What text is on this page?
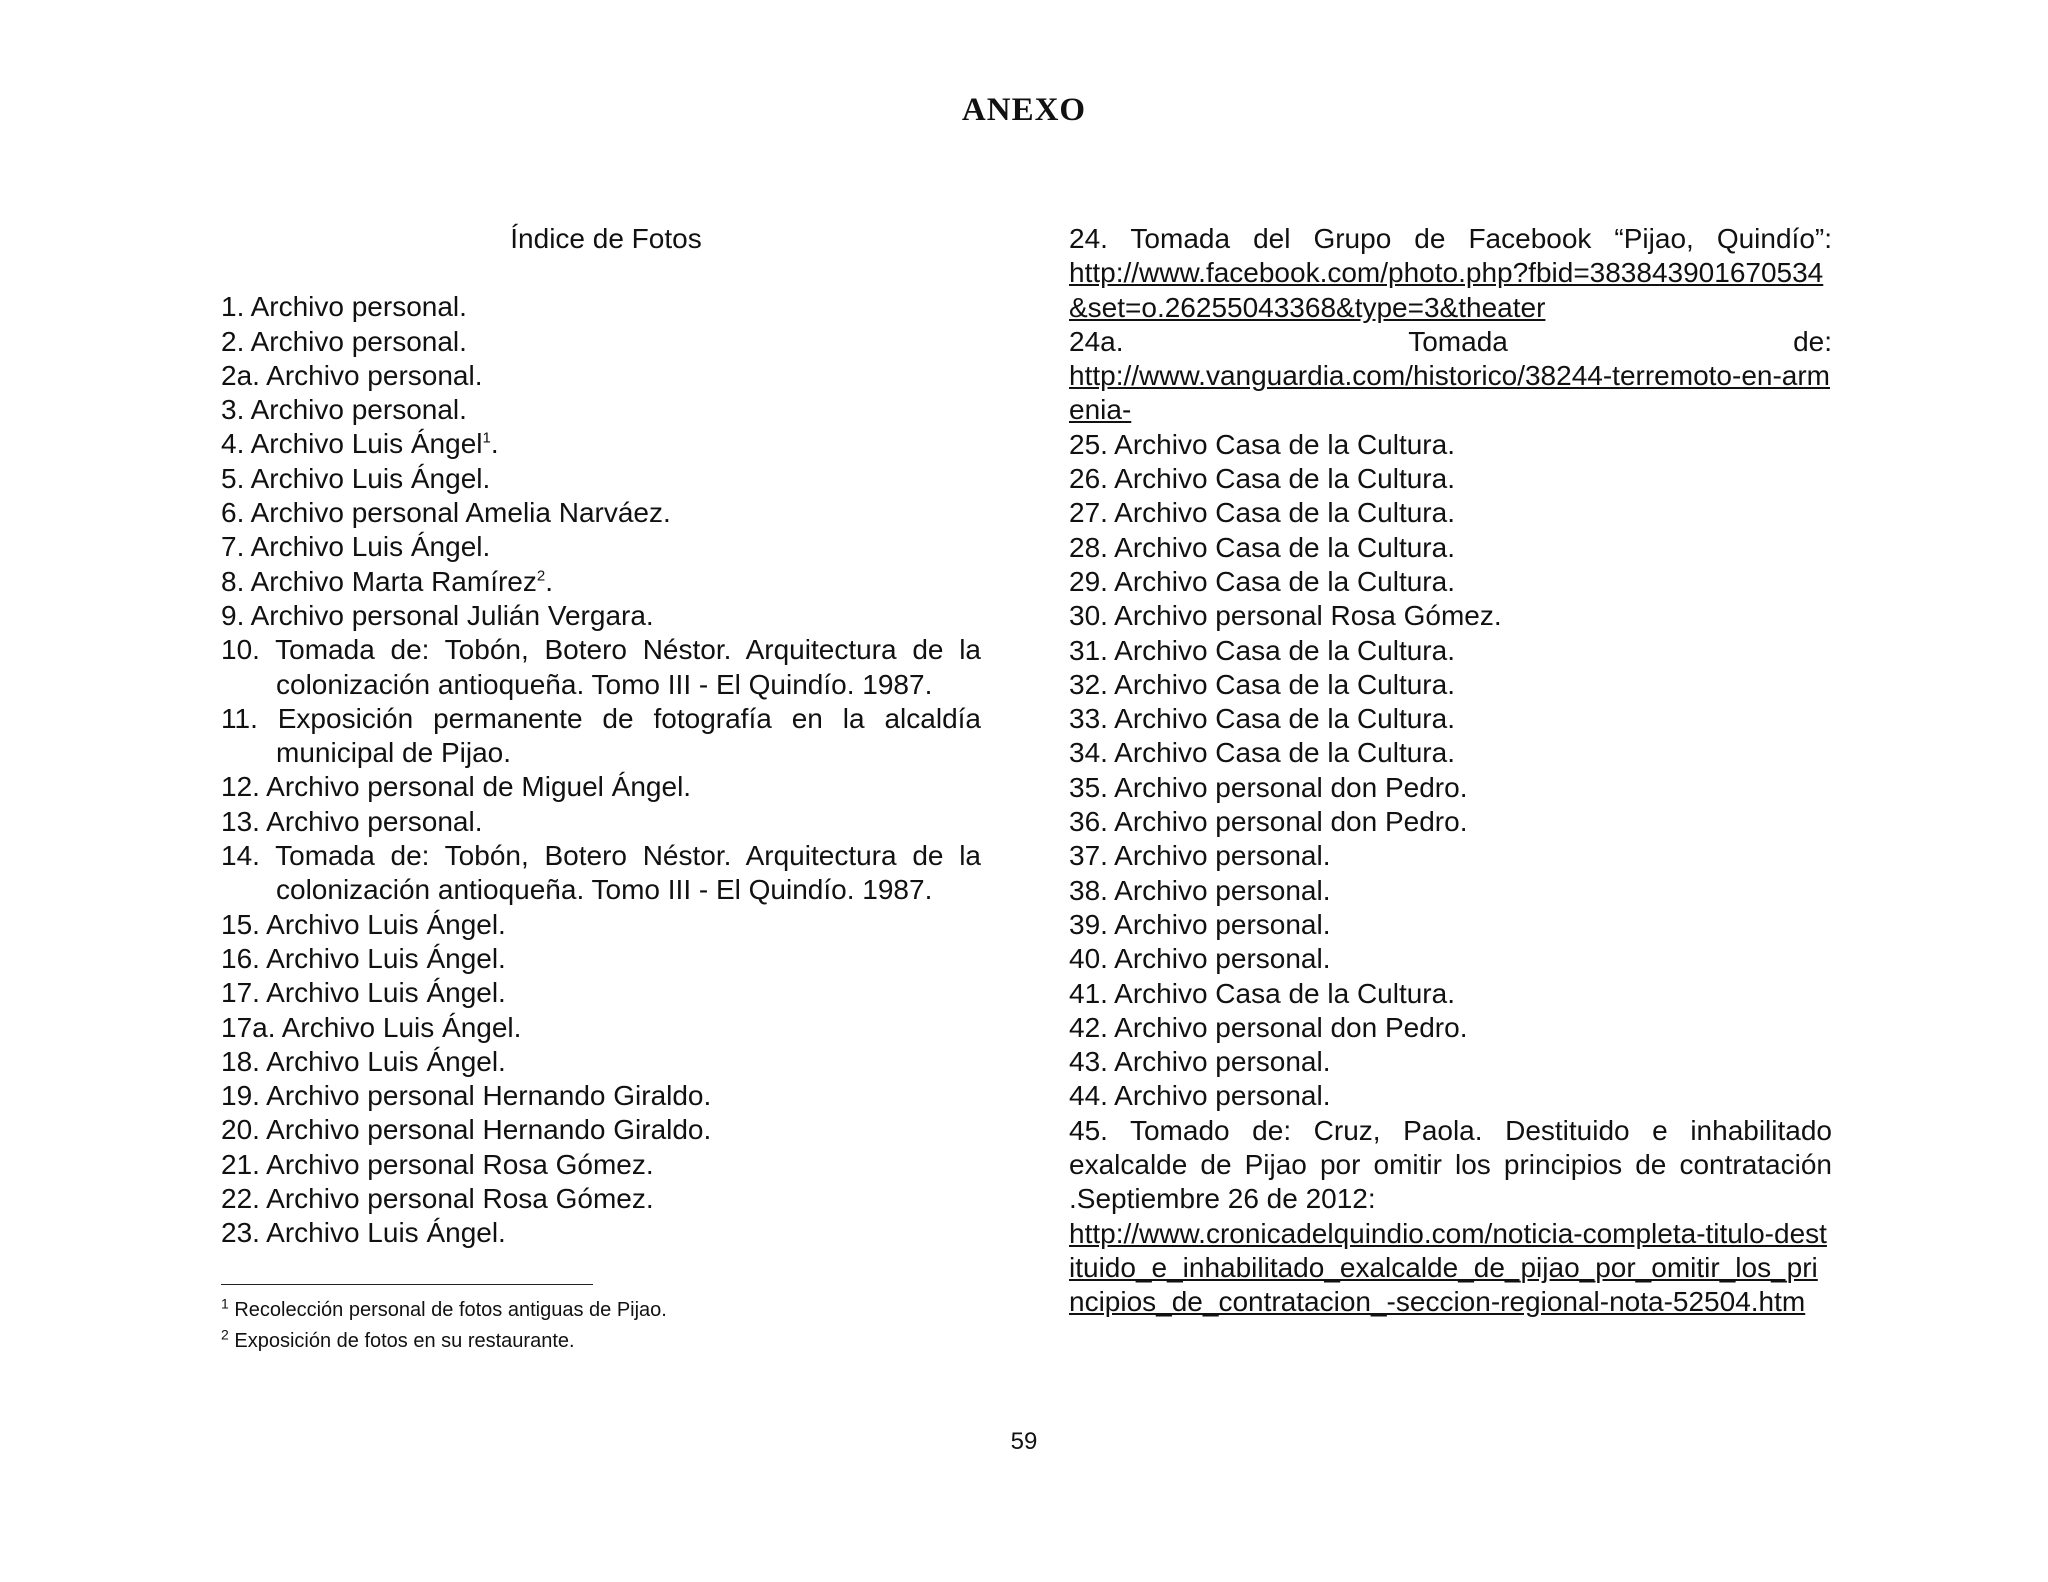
ANEXO
Índice de Fotos

1. Archivo personal.

2. Archivo personal.

2a. Archivo personal.

3. Archivo personal.

4. Archivo Luis Ángel$^1$.

5. Archivo Luis Ángel.

6. Archivo personal Amelia Narváez.

7. Archivo Luis Ángel.

8. Archivo Marta Ramírez$^2$.

9. Archivo personal Julián Vergara.

10. Tomada de: Tobón, Botero Néstor. Arquitectura de la colonización antioqueña. Tomo III - El Quindío. 1987.

11. Exposición permanente de fotografía en la alcaldía municipal de Pijao.

12. Archivo personal de Miguel Ángel.

13. Archivo personal.

14. Tomada de: Tobón, Botero Néstor. Arquitectura de la colonización antioqueña. Tomo III - El Quindío. 1987.

15. Archivo Luis Ángel.

16. Archivo Luis Ángel.

17. Archivo Luis Ángel.

17a. Archivo Luis Ángel.

18. Archivo Luis Ángel.

19. Archivo personal Hernando Giraldo.

20. Archivo personal Hernando Giraldo.

21. Archivo personal Rosa Gómez.

22. Archivo personal Rosa Gómez.

23. Archivo Luis Ángel.

24. Tomada del Grupo de Facebook “Pijao, Quindío”:

http://www.facebook.com/photo.php?fbid=383843901670534&set=o.26255043368&type=3&theater

24a. Tomada de:

http://www.vanguardia.com/historico/38244-terremoto-en-armenia-

25. Archivo Casa de la Cultura.

26. Archivo Casa de la Cultura.

27. Archivo Casa de la Cultura.

28. Archivo Casa de la Cultura.

29. Archivo Casa de la Cultura.

30. Archivo personal Rosa Gómez.

31. Archivo Casa de la Cultura.

32. Archivo Casa de la Cultura.

33. Archivo Casa de la Cultura.

34. Archivo Casa de la Cultura.

35. Archivo personal don Pedro.

36. Archivo personal don Pedro.

37. Archivo personal.

38. Archivo personal.

39. Archivo personal.

40. Archivo personal.

41. Archivo Casa de la Cultura.

42. Archivo personal don Pedro.

43. Archivo personal.

44. Archivo personal.

45. Tomado de: Cruz, Paola. Destituido e inhabilitado exalcalde de Pijao por omitir los principios de contratación .Septiembre 26 de 2012:

http://www.cronicadelquindio.com/noticia-completa-titulo-destituido_e_inhabilitado_exalcalde_de_pijao_por_omitir_los_principios_de_contratacion_-seccion-regional-nota-52504.htm
$^1$ Recolección personal de fotos antiguas de Pijao.
$^2$ Exposición de fotos en su restaurante.
59
